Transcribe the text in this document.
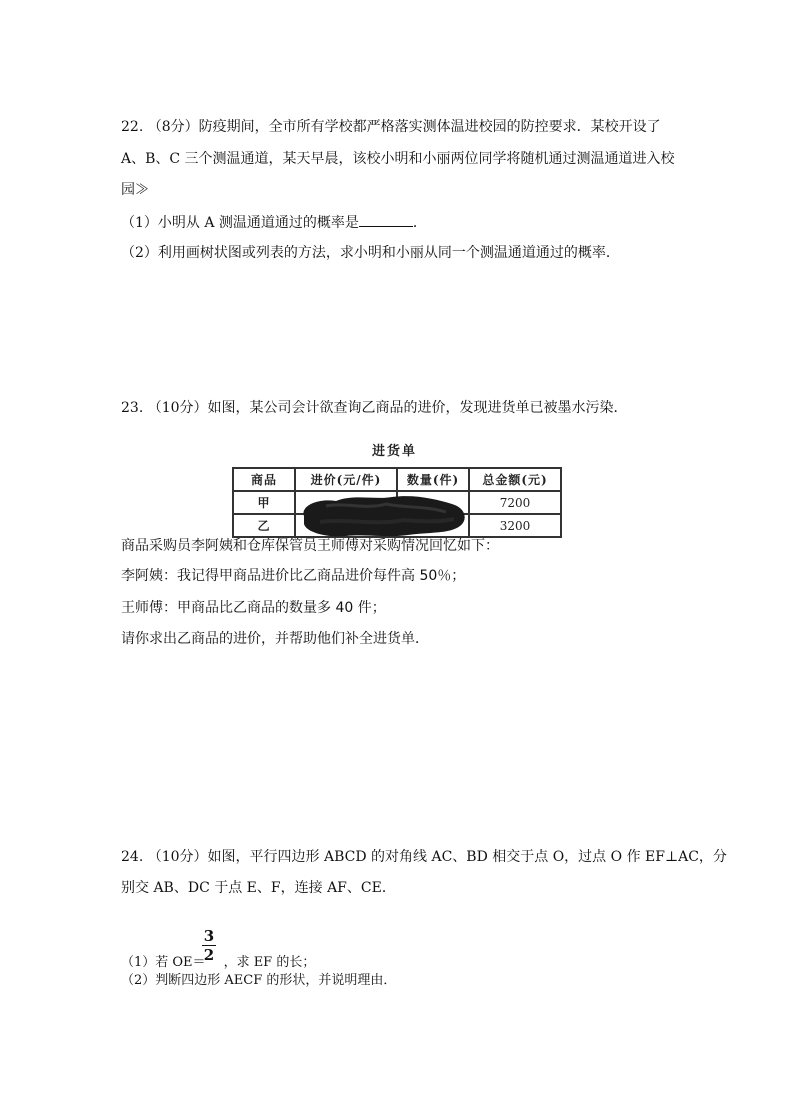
22. （8分）防疫期间，全市所有学校都严格落实测体温进校园的防控要求．某校开设了
A、B、C 三个测温通道，某天早晨，该校小明和小丽两位同学将随机通过测温通道进入校
园≫
（1）小明从 A 测温通道通过的概率是	．
（2）利用画树状图或列表的方法，求小明和小丽从同一个测温通道通过的概率．
23. （10分）如图，某公司会计欲查询乙商品的进价，发现进货单已被墨水污染．
进货单
商品	进价(元/件)	数量(件)	总金额(元)
甲			7200
乙			3200
商品采购员李阿姨和仓库保管员王师傅对采购情况回忆如下：
李阿姨：我记得甲商品进价比乙商品进价每件高 50％；
王师傅：甲商品比乙商品的数量多 40 件；
请你求出乙商品的进价，并帮助他们补全进货单．
24. （10分）如图，平行四边形 ABCD 的对角线 AC、BD 相交于点 O，过点 O 作 EF⊥AC，分
别交 AB、DC 于点 E、F，连接 AF、CE．
3
2
（1）若 OE＝ ，求 EF 的长；
（2）判断四边形 AECF 的形状，并说明理由．
